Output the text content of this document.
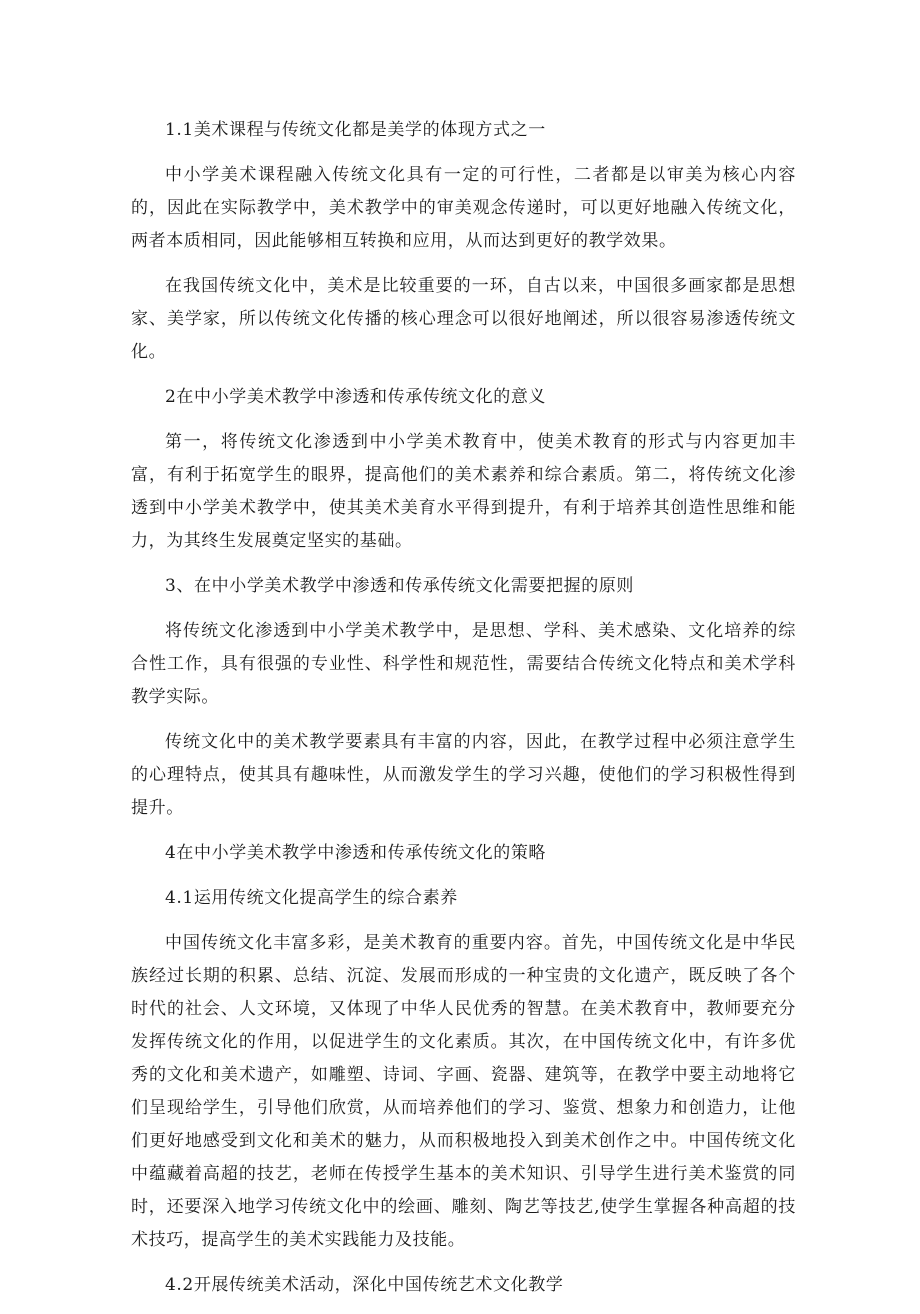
1.1美术课程与传统文化都是美学的体现方式之一

中小学美术课程融入传统文化具有一定的可行性，二者都是以审美为核心内容的，因此在实际教学中，美术教学中的审美观念传递时，可以更好地融入传统文化，两者本质相同，因此能够相互转换和应用，从而达到更好的教学效果。

在我国传统文化中，美术是比较重要的一环，自古以来，中国很多画家都是思想家、美学家，所以传统文化传播的核心理念可以很好地阐述，所以很容易渗透传统文化。

2在中小学美术教学中渗透和传承传统文化的意义

第一，将传统文化渗透到中小学美术教育中，使美术教育的形式与内容更加丰富，有利于拓宽学生的眼界，提高他们的美术素养和综合素质。第二，将传统文化渗透到中小学美术教学中，使其美术美育水平得到提升，有利于培养其创造性思维和能力，为其终生发展奠定坚实的基础。

3、在中小学美术教学中渗透和传承传统文化需要把握的原则

将传统文化渗透到中小学美术教学中，是思想、学科、美术感染、文化培养的综合性工作，具有很强的专业性、科学性和规范性，需要结合传统文化特点和美术学科教学实际。

传统文化中的美术教学要素具有丰富的内容，因此，在教学过程中必须注意学生的心理特点，使其具有趣味性，从而激发学生的学习兴趣，使他们的学习积极性得到提升。

4在中小学美术教学中渗透和传承传统文化的策略

4.1运用传统文化提高学生的综合素养

中国传统文化丰富多彩，是美术教育的重要内容。首先，中国传统文化是中华民族经过长期的积累、总结、沉淀、发展而形成的一种宝贵的文化遗产，既反映了各个时代的社会、人文环境，又体现了中华人民优秀的智慧。在美术教育中，教师要充分发挥传统文化的作用，以促进学生的文化素质。其次，在中国传统文化中，有许多优秀的文化和美术遗产，如雕塑、诗词、字画、瓷器、建筑等，在教学中要主动地将它们呈现给学生，引导他们欣赏，从而培养他们的学习、鉴赏、想象力和创造力，让他们更好地感受到文化和美术的魅力，从而积极地投入到美术创作之中。中国传统文化中蕴藏着高超的技艺，老师在传授学生基本的美术知识、引导学生进行美术鉴赏的同时，还要深入地学习传统文化中的绘画、雕刻、陶艺等技艺,使学生掌握各种高超的技术技巧，提高学生的美术实践能力及技能。

4.2开展传统美术活动，深化中国传统艺术文化教学
